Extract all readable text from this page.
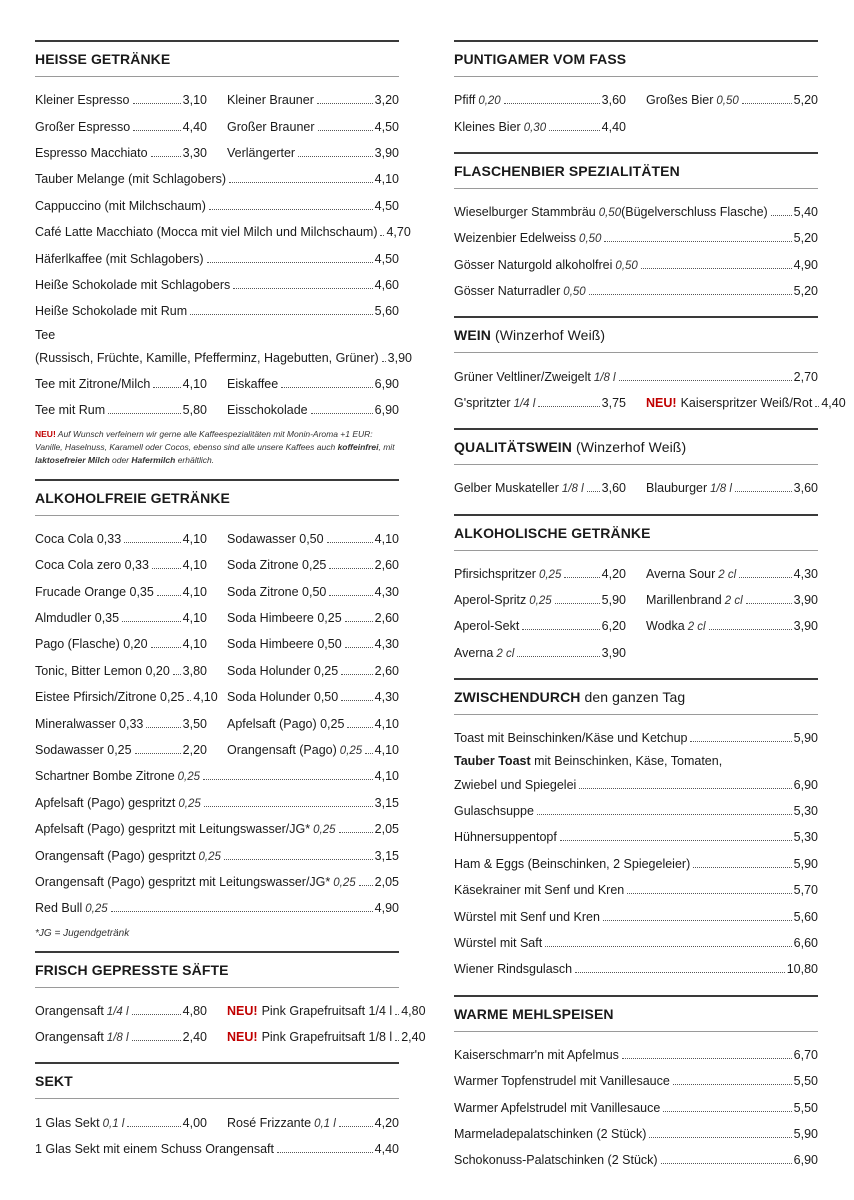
HEISSE GETRÄNKE
Kleiner Espresso	3,10 Kleiner Brauner	3,20
Großer Espresso	4,40 Großer Brauner	4,50
Espresso Macchiato	3,30 Verlängerter	3,90
Tauber Melange (mit Schlagobers)	4,10
Cappuccino (mit Milchschaum)	4,50
Café Latte Macchiato (Mocca mit viel Milch und Milchschaum) 4,70
Häferlkaffee (mit Schlagobers)	4,50
Heiße Schokolade mit Schlagobers	4,60
Heiße Schokolade mit Rum	5,60
Tee
(Russisch, Früchte, Kamille, Pfefferminz, Hagebutten, Grüner) 3,90
Tee mit Zitrone/Milch	4,10 Eiskaffee	6,90
Tee mit Rum	5,80 Eisschokolade	6,90
NEU! Auf Wunsch verfeinern wir gerne alle Kaffeespezialitäten mit Monin-Aroma +1 EUR: Vanille, Haselnuss, Karamell oder Cocos, ebenso sind alle unsere Kaffees auch koffeinfrei, mit laktosefreier Milch oder Hafermilch erhältlich.
ALKOHOLFREIE GETRÄNKE
Coca Cola 0,33	4,10 Sodawasser 0,50	4,10
Coca Cola zero 0,33	4,10 Soda Zitrone 0,25	2,60
Frucade Orange 0,35 4,10 Soda Zitrone 0,50	4,30
Almdudler 0,35	4,10 Soda Himbeere 0,25	2,60
Pago (Flasche) 0,20	4,10 Soda Himbeere 0,50	4,30
Tonic, Bitter Lemon 0,20 3,80 Soda Holunder 0,25	2,60
Eistee Pfirsich/Zitrone 0,25 4,10 Soda Holunder 0,50	4,30
Mineralwasser 0,33	3,50 Apfelsaft (Pago) 0,25 4,10
Sodawasser 0,25	2,20 Orangensaft (Pago) 0,25 4,10
Schartner Bombe Zitrone 0,25	4,10
Apfelsaft (Pago) gespritzt 0,25	3,15
Apfelsaft (Pago) gespritzt mit Leitungswasser/JG* 0,25	2,05
Orangensaft (Pago) gespritzt 0,25	3,15
Orangensaft (Pago) gespritzt mit Leitungswasser/JG* 0,25 2,05
Red Bull 0,25	4,90
*JG = Jugendgetränk
FRISCH GEPRESSTE SÄFTE
Orangensaft 1/4 l	4,80 NEU! Pink Grapefruitsaft 1/4 l 4,80
Orangensaft 1/8 l	2,40 NEU! Pink Grapefruitsaft 1/8 l 2,40
SEKT
1 Glas Sekt 0,1 l	4,00 Rosé Frizzante 0,1 l	4,20
1 Glas Sekt mit einem Schuss Orangensaft	4,40
PUNTIGAMER VOM FASS
Pfiff 0,20	3,60 Großes Bier 0,50	5,20
Kleines Bier 0,30	4,40
FLASCHENBIER SPEZIALITÄTEN
Wieselburger Stammbräu 0,50 (Bügelverschluss Flasche) 5,40
Weizenbier Edelweiss 0,50	5,20
Gösser Naturgold alkoholfrei 0,50	4,90
Gösser Naturradler 0,50	5,20
WEIN (Winzerhof Weiß)
Grüner Veltliner/Zweigelt 1/8 l	2,70
G'spritzter 1/4 l	3,75 NEU! Kaiserspritzer Weiß/Rot 4,40
QUALITÄTSWEIN (Winzerhof Weiß)
Gelber Muskateller 1/8 l 3,60 Blauburger 1/8 l	3,60
ALKOHOLISCHE GETRÄNKE
Pfirsichspritzer 0,25	4,20 Averna Sour 2 cl	4,30
Aperol-Spritz 0,25	5,90 Marillenbrand 2 cl	3,90
Aperol-Sekt	6,20 Wodka 2 cl	3,90
Averna 2 cl	3,90
ZWISCHENDURCH den ganzen Tag
Toast mit Beinschinken/Käse und Ketchup	5,90
Tauber Toast mit Beinschinken, Käse, Tomaten,
Zwiebel und Spiegelei	6,90
Gulaschsuppe	5,30
Hühnersuppentopf	5,30
Ham & Eggs (Beinschinken, 2 Spiegeleier)	5,90
Käsekrainer mit Senf und Kren	5,70
Würstel mit Senf und Kren	5,60
Würstel mit Saft	6,60
Wiener Rindsgulasch	10,80
WARME MEHLSPEISEN
Kaiserschmarr'n mit Apfelmus	6,70
Warmer Topfenstrudel mit Vanillesauce	5,50
Warmer Apfelstrudel mit Vanillesauce	5,50
Marmeladepalatschinken (2 Stück)	5,90
Schokonuss-Palatschinken (2 Stück)	6,90
